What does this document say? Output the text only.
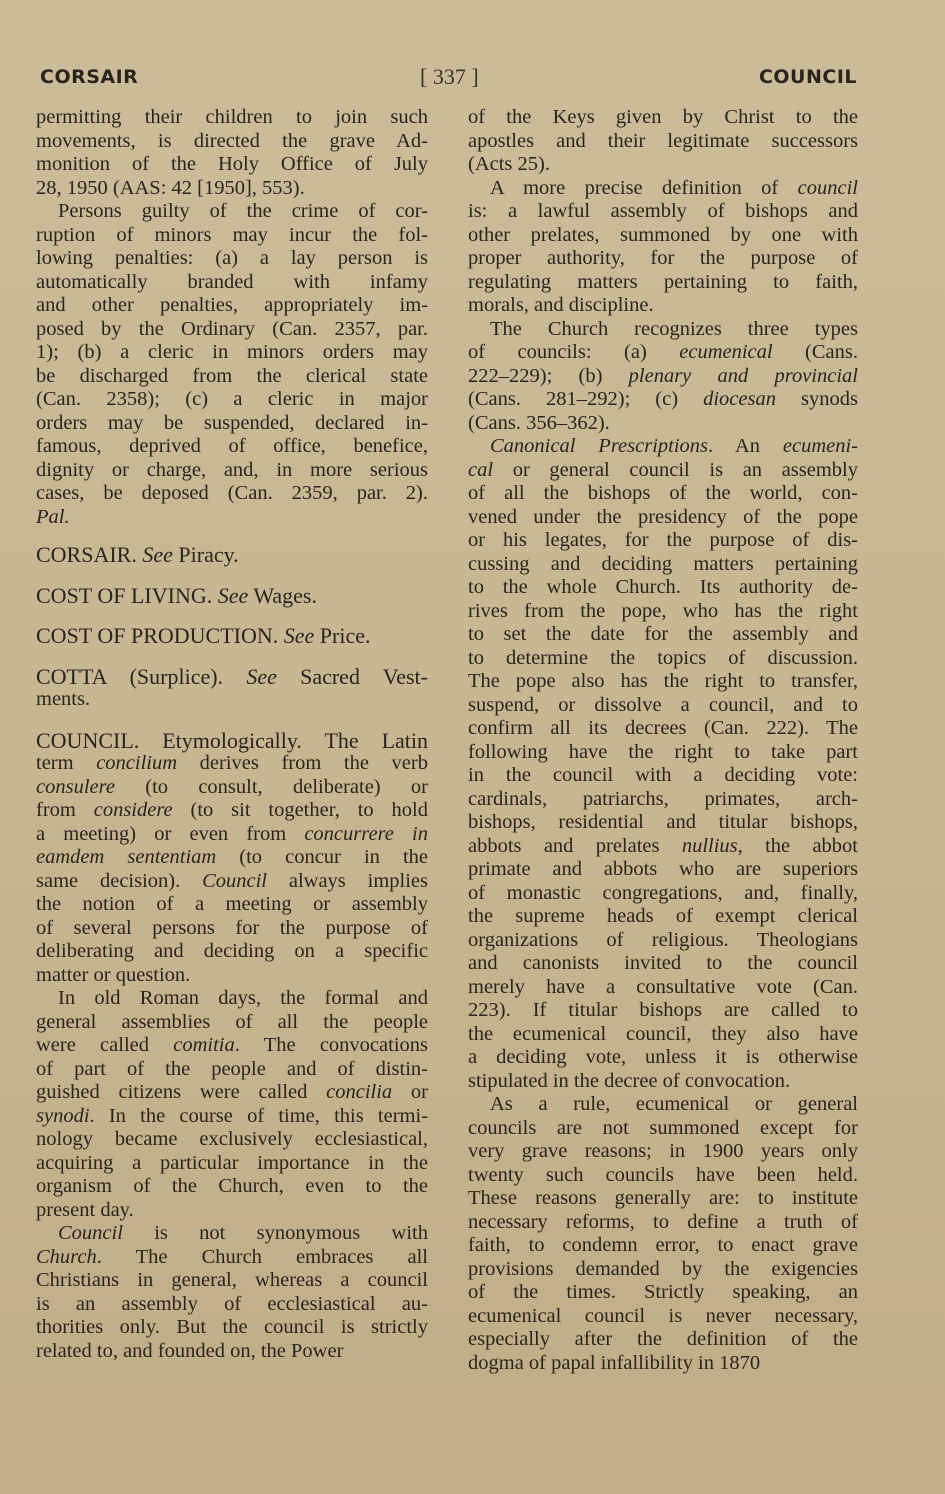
CORSAIR	[ 337 ]	COUNCIL
permitting their children to join such
movements, is directed the grave Ad-
monition of the Holy Office of July
28, 1950 (AAS: 42 [1950], 553).
Persons guilty of the crime of cor-
ruption of minors may incur the fol-
lowing penalties: (a) a lay person is
automatically branded with infamy
and other penalties, appropriately im-
posed by the Ordinary (Can. 2357, par.
1); (b) a cleric in minors orders may
be discharged from the clerical state
(Can. 2358); (c) a cleric in major
orders may be suspended, declared in-
famous, deprived of office, benefice,
dignity or charge, and, in more serious
cases, be deposed (Can. 2359, par. 2).
Pal.
CORSAIR. See Piracy.
COST OF LIVING. See Wages.
COST OF PRODUCTION. See Price.
COTTA (Surplice). See Sacred Vest-
ments.
COUNCIL. Etymologically. The Latin
term concilium derives from the verb
consulere (to consult, deliberate) or
from considere (to sit together, to hold
a meeting) or even from concurrere in
eamdem sententiam (to concur in the
same decision). Council always implies
the notion of a meeting or assembly
of several persons for the purpose of
deliberating and deciding on a specific
matter or question.
In old Roman days, the formal and
general assemblies of all the people
were called comitia. The convocations
of part of the people and of distin-
guished citizens were called concilia or
synodi. In the course of time, this termi-
nology became exclusively ecclesiastical,
acquiring a particular importance in the
organism of the Church, even to the
present day.
Council is not synonymous with
Church. The Church embraces all
Christians in general, whereas a council
is an assembly of ecclesiastical au-
thorities only. But the council is strictly
related to, and founded on, the Power
of the Keys given by Christ to the
apostles and their legitimate successors
(Acts 25).
A more precise definition of council
is: a lawful assembly of bishops and
other prelates, summoned by one with
proper authority, for the purpose of
regulating matters pertaining to faith,
morals, and discipline.
The Church recognizes three types
of councils: (a) ecumenical (Cans.
222–229); (b) plenary and provincial
(Cans. 281–292); (c) diocesan synods
(Cans. 356–362).
Canonical Prescriptions. An ecumeni-
cal or general council is an assembly
of all the bishops of the world, con-
vened under the presidency of the pope
or his legates, for the purpose of dis-
cussing and deciding matters pertaining
to the whole Church. Its authority de-
rives from the pope, who has the right
to set the date for the assembly and
to determine the topics of discussion.
The pope also has the right to transfer,
suspend, or dissolve a council, and to
confirm all its decrees (Can. 222). The
following have the right to take part
in the council with a deciding vote:
cardinals, patriarchs, primates, arch-
bishops, residential and titular bishops,
abbots and prelates nullius, the abbot
primate and abbots who are superiors
of monastic congregations, and, finally,
the supreme heads of exempt clerical
organizations of religious. Theologians
and canonists invited to the council
merely have a consultative vote (Can.
223). If titular bishops are called to
the ecumenical council, they also have
a deciding vote, unless it is otherwise
stipulated in the decree of convocation.
As a rule, ecumenical or general
councils are not summoned except for
very grave reasons; in 1900 years only
twenty such councils have been held.
These reasons generally are: to institute
necessary reforms, to define a truth of
faith, to condemn error, to enact grave
provisions demanded by the exigencies
of the times. Strictly speaking, an
ecumenical council is never necessary,
especially after the definition of the
dogma of papal infallibility in 1870
